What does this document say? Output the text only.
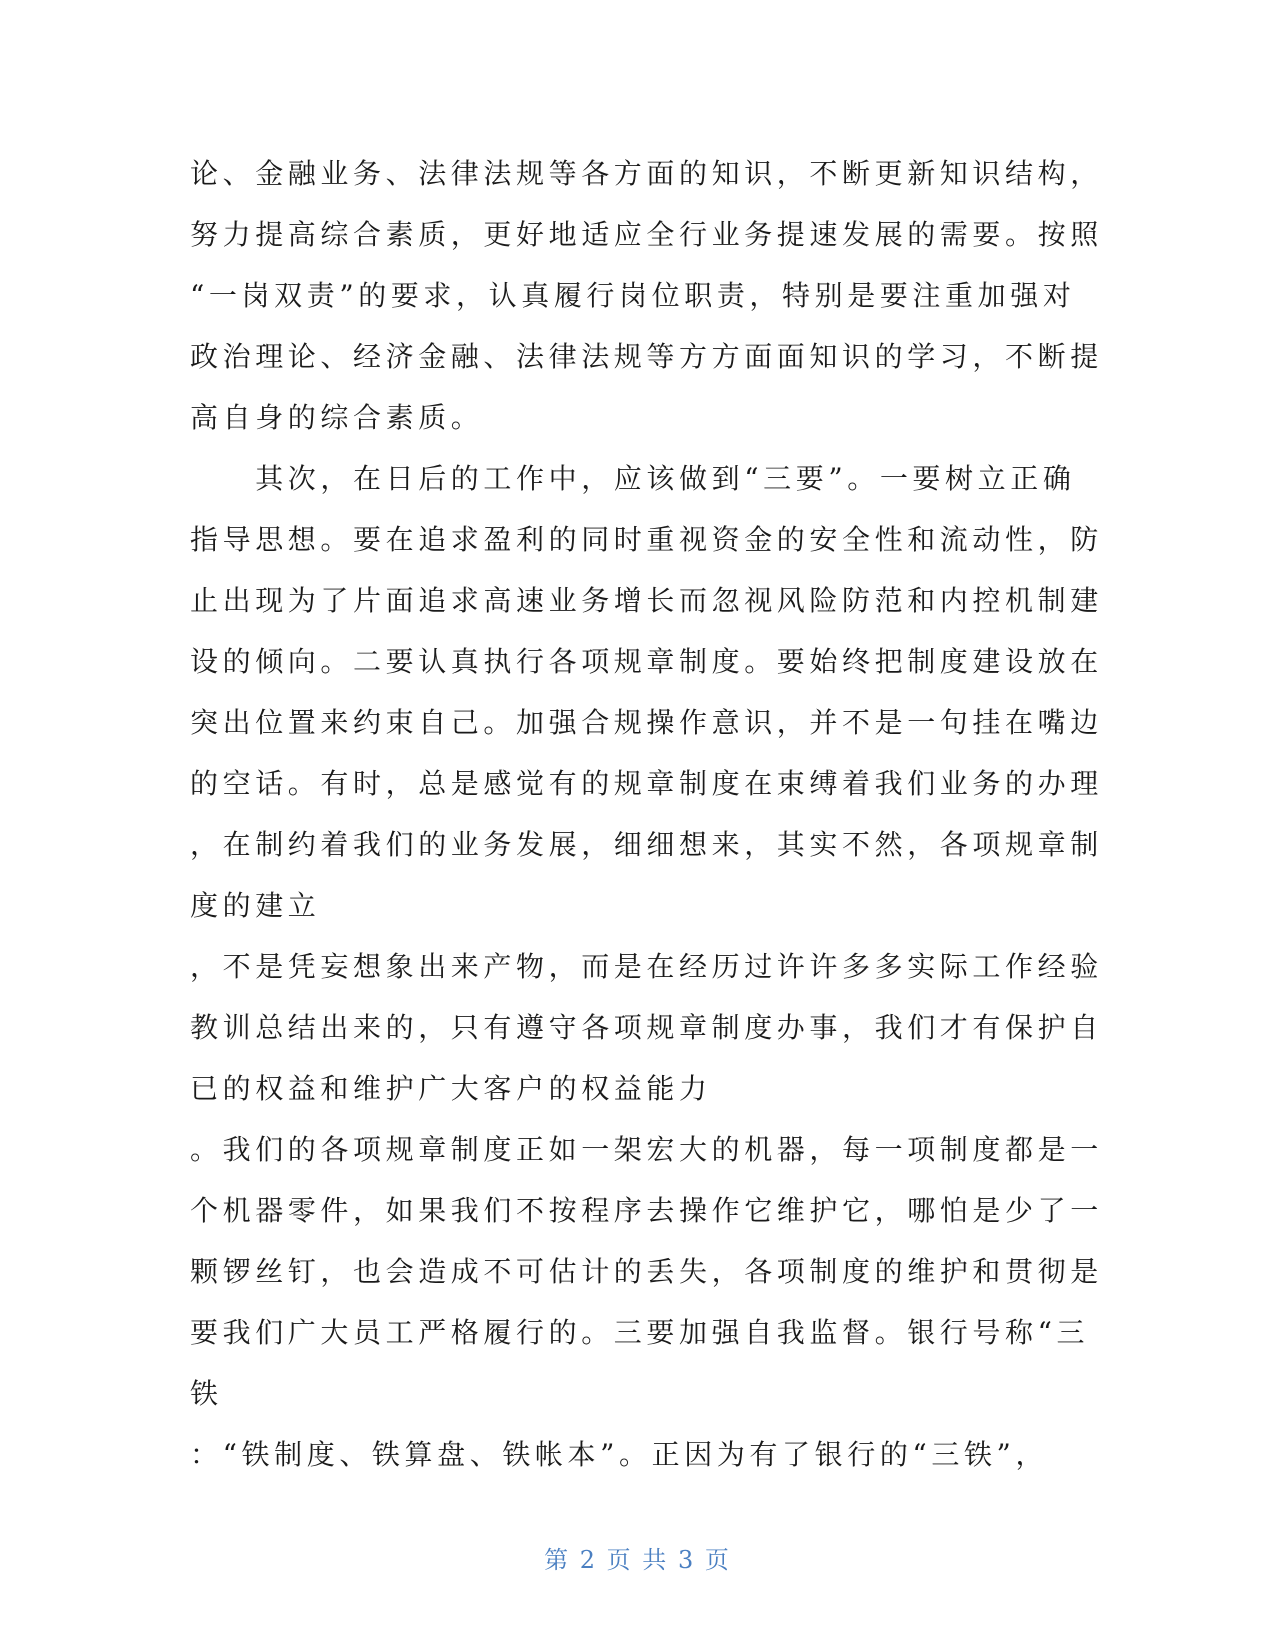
论、金融业务、法律法规等各方面的知识，不断更新知识结构，
努力提高综合素质，更好地适应全行业务提速发展的需要。按照
“一岗双责”的要求，认真履行岗位职责，特别是要注重加强对
政治理论、经济金融、法律法规等方方面面知识的学习，不断提
高自身的综合素质。
　　其次，在日后的工作中，应该做到“三要”。一要树立正确
指导思想。要在追求盈利的同时重视资金的安全性和流动性，防
止出现为了片面追求高速业务增长而忽视风险防范和内控机制建
设的倾向。二要认真执行各项规章制度。要始终把制度建设放在
突出位置来约束自己。加强合规操作意识，并不是一句挂在嘴边
的空话。有时，总是感觉有的规章制度在束缚着我们业务的办理
，在制约着我们的业务发展，细细想来，其实不然，各项规章制
度的建立
，不是凭妄想象出来产物，而是在经历过许许多多实际工作经验
教训总结出来的，只有遵守各项规章制度办事，我们才有保护自
已的权益和维护广大客户的权益能力
。我们的各项规章制度正如一架宏大的机器，每一项制度都是一
个机器零件，如果我们不按程序去操作它维护它，哪怕是少了一
颗锣丝钉，也会造成不可估计的丢失，各项制度的维护和贯彻是
要我们广大员工严格履行的。三要加强自我监督。银行号称“三
铁
：“铁制度、铁算盘、铁帐本”。正因为有了银行的“三铁”，
第 2 页 共 3 页
